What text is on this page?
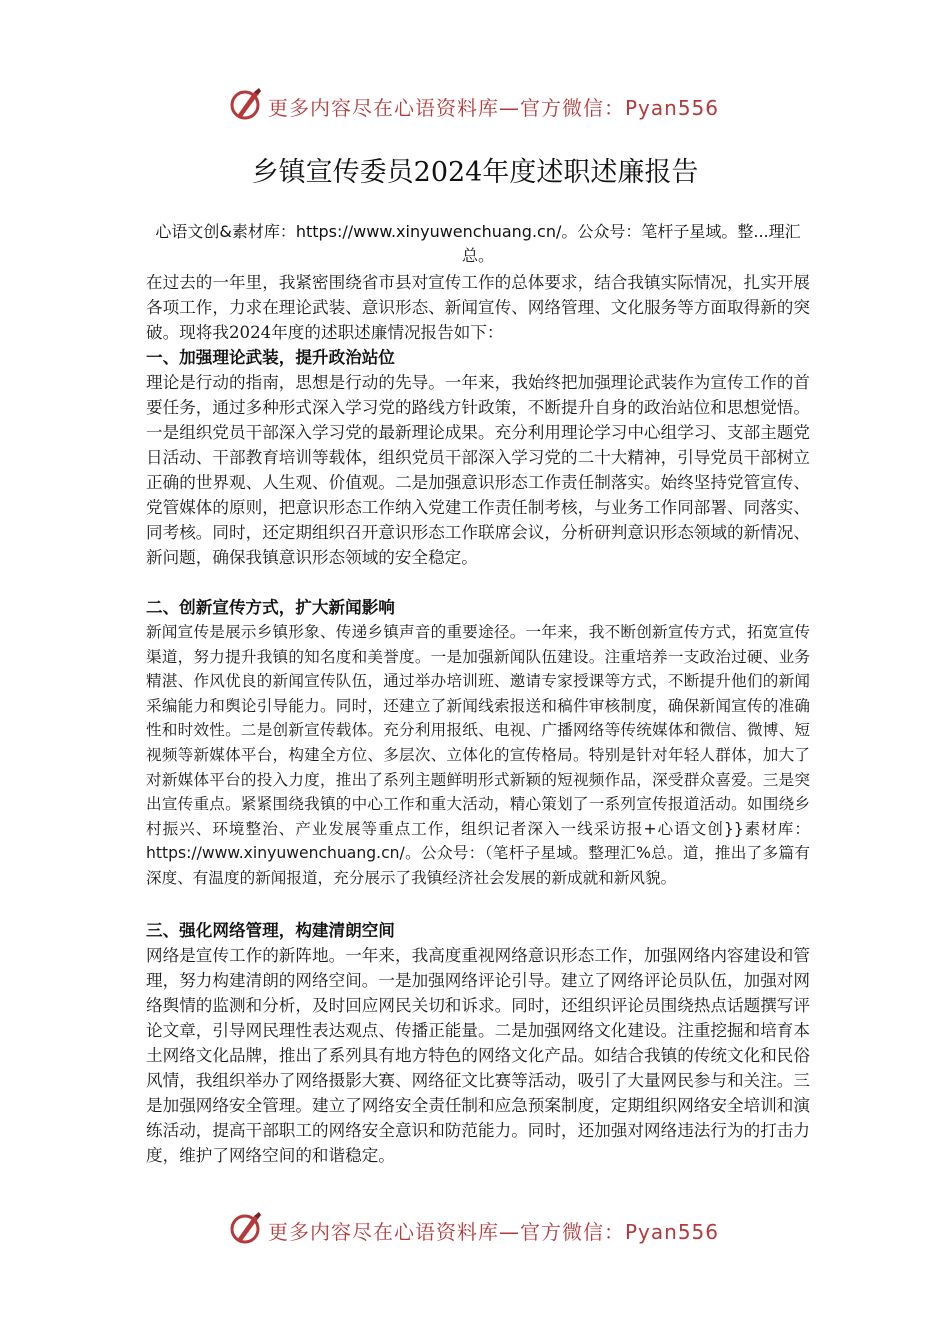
更多内容尽在心语资料库—官方微信：Pyan556
乡镇宣传委员2024年度述职述廉报告
心语文创&素材库：https://www.xinyuwenchuang.cn/。公众号：笔杆子星域。整...理汇总。
在过去的一年里，我紧密围绕省市县对宣传工作的总体要求，结合我镇实际情况，扎实开展各项工作，力求在理论武装、意识形态、新闻宣传、网络管理、文化服务等方面取得新的突破。现将我2024年度的述职述廉情况报告如下：
一、加强理论武装，提升政治站位
理论是行动的指南，思想是行动的先导。一年来，我始终把加强理论武装作为宣传工作的首要任务，通过多种形式深入学习党的路线方针政策，不断提升自身的政治站位和思想觉悟。一是组织党员干部深入学习党的最新理论成果。充分利用理论学习中心组学习、支部主题党日活动、干部教育培训等载体，组织党员干部深入学习党的二十大精神，引导党员干部树立正确的世界观、人生观、价值观。二是加强意识形态工作责任制落实。始终坚持党管宣传、党管媒体的原则，把意识形态工作纳入党建工作责任制考核，与业务工作同部署、同落实、同考核。同时，还定期组织召开意识形态工作联席会议，分析研判意识形态领域的新情况、新问题，确保我镇意识形态领域的安全稳定。
二、创新宣传方式，扩大新闻影响
新闻宣传是展示乡镇形象、传递乡镇声音的重要途径。一年来，我不断创新宣传方式，拓宽宣传渠道，努力提升我镇的知名度和美誉度。一是加强新闻队伍建设。注重培养一支政治过硬、业务精湛、作风优良的新闻宣传队伍，通过举办培训班、邀请专家授课等方式，不断提升他们的新闻采编能力和舆论引导能力。同时，还建立了新闻线索报送和稿件审核制度，确保新闻宣传的准确性和时效性。二是创新宣传载体。充分利用报纸、电视、广播网络等传统媒体和微信、微博、短视频等新媒体平台，构建全方位、多层次、立体化的宣传格局。特别是针对年轻人群体，加大了对新媒体平台的投入力度，推出了系列主题鲜明形式新颖的短视频作品，深受群众喜爱。三是突出宣传重点。紧紧围绕我镇的中心工作和重大活动，精心策划了一系列宣传报道活动。如围绕乡村振兴、环境整治、产业发展等重点工作，组织记者深入一线采访报+心语文创}}素材库：https://www.xinyuwenchuang.cn/。公众号：（笔杆子星域。整理汇%总。道，推出了多篇有深度、有温度的新闻报道，充分展示了我镇经济社会发展的新成就和新风貌。
三、强化网络管理，构建清朗空间
网络是宣传工作的新阵地。一年来，我高度重视网络意识形态工作，加强网络内容建设和管理，努力构建清朗的网络空间。一是加强网络评论引导。建立了网络评论员队伍，加强对网络舆情的监测和分析，及时回应网民关切和诉求。同时，还组织评论员围绕热点话题撰写评论文章，引导网民理性表达观点、传播正能量。二是加强网络文化建设。注重挖掘和培育本土网络文化品牌，推出了系列具有地方特色的网络文化产品。如结合我镇的传统文化和民俗风情，我组织举办了网络摄影大赛、网络征文比赛等活动，吸引了大量网民参与和关注。三是加强网络安全管理。建立了网络安全责任制和应急预案制度，定期组织网络安全培训和演练活动，提高干部职工的网络安全意识和防范能力。同时，还加强对网络违法行为的打击力度，维护了网络空间的和谐稳定。
更多内容尽在心语资料库—官方微信：Pyan556
